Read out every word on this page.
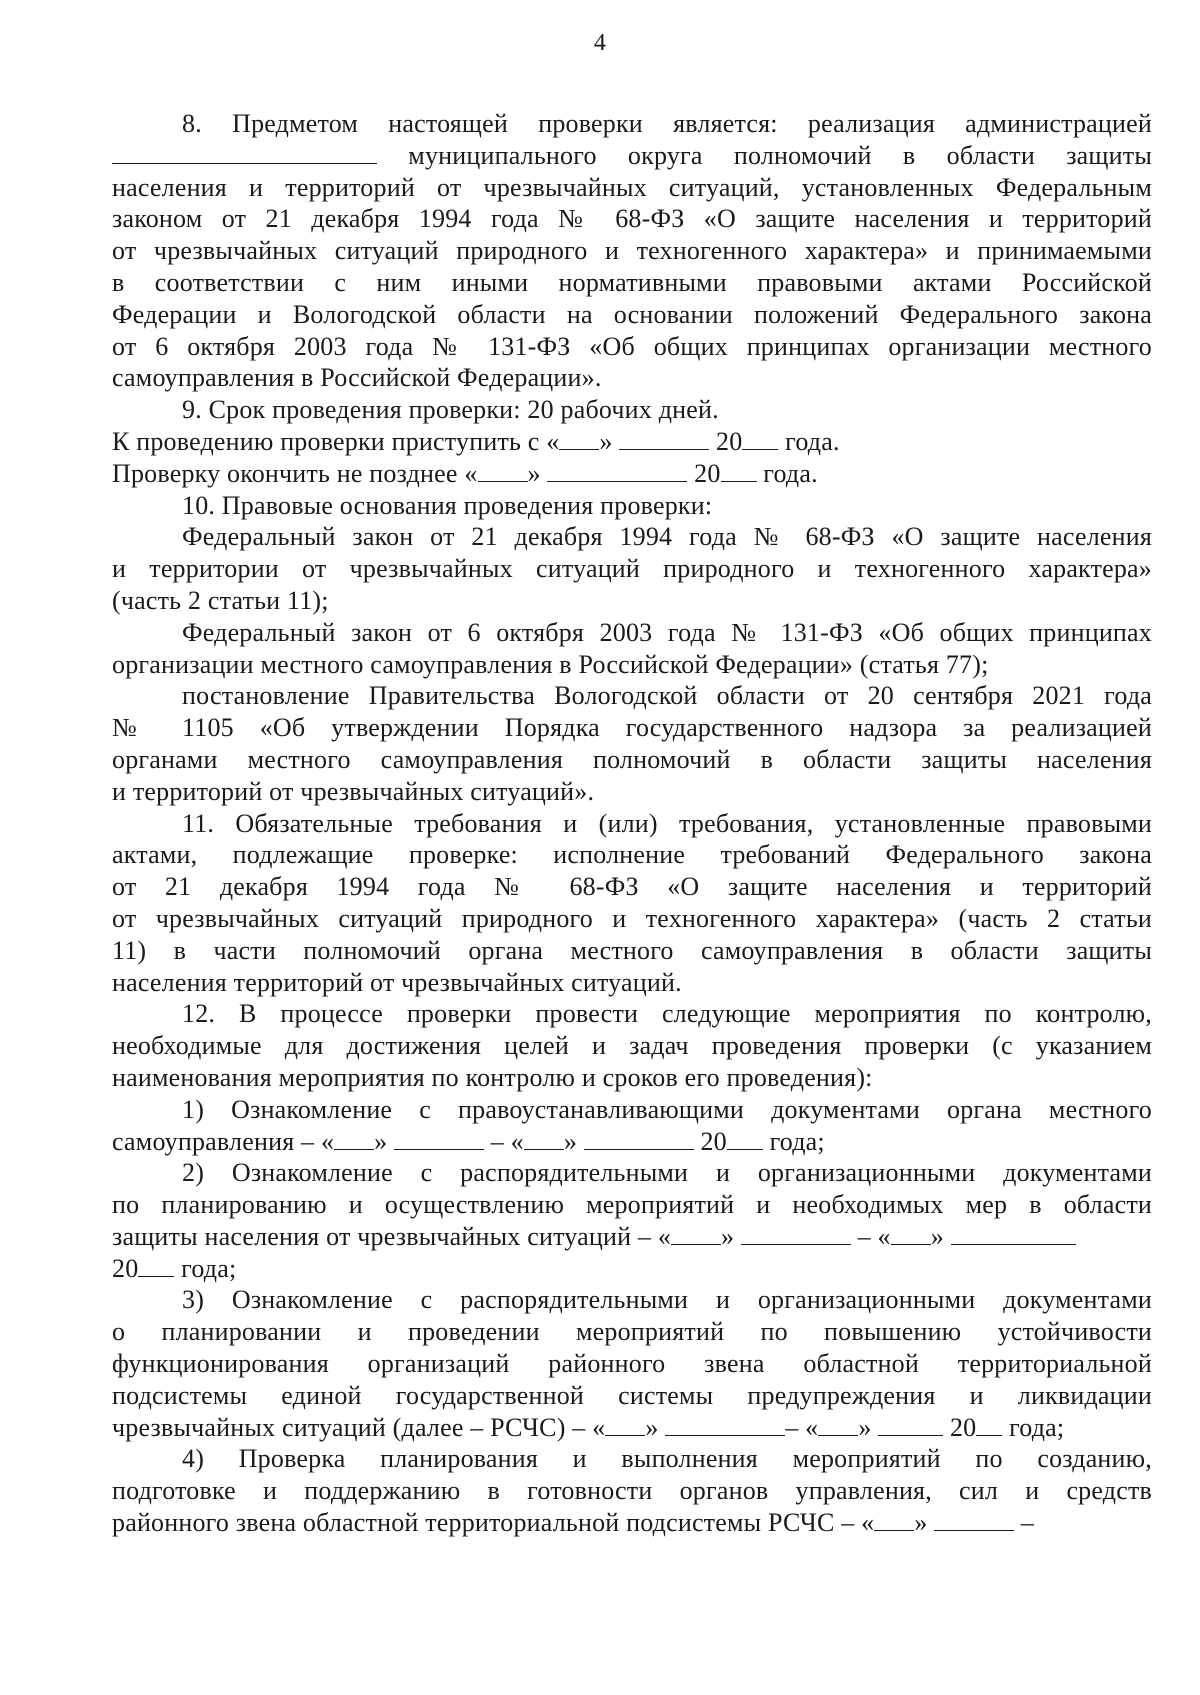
4
8. Предметом настоящей проверки является: реализация администрацией
муниципального округа полномочий в области защиты
населения и территорий от чрезвычайных ситуаций, установленных Федеральным
законом от 21 декабря 1994 года № 68-ФЗ «О защите населения и территорий
от чрезвычайных ситуаций природного и техногенного характера» и принимаемыми
в соответствии с ним иными нормативными правовыми актами Российской
Федерации и Вологодской области на основании положений Федерального закона
от 6 октября 2003 года № 131-ФЗ «Об общих принципах организации местного
самоуправления в Российской Федерации».
9. Срок проведения проверки: 20 рабочих дней.
К проведению проверки приступить с « »	20 года.
Проверку окончить не позднее « »	20 года.
10. Правовые основания проведения проверки:
Федеральный закон от 21 декабря 1994 года № 68-ФЗ «О защите населения
и территории от чрезвычайных ситуаций природного и техногенного характера»
(часть 2 статьи 11);
Федеральный закон от 6 октября 2003 года № 131-ФЗ «Об общих принципах
организации местного самоуправления в Российской Федерации» (статья 77);
постановление Правительства Вологодской области от 20 сентября 2021 года
№ 1105 «Об утверждении Порядка государственного надзора за реализацией
органами местного самоуправления полномочий в области защиты населения
и территорий от чрезвычайных ситуаций».
11. Обязательные требования и (или) требования, установленные правовыми
актами, подлежащие проверке: исполнение требований Федерального закона
от 21 декабря 1994 года № 68-ФЗ «О защите населения и территорий
от чрезвычайных ситуаций природного и техногенного характера» (часть 2 статьи
11) в части полномочий органа местного самоуправления в области защиты
населения территорий от чрезвычайных ситуаций.
12. В процессе проверки провести следующие мероприятия по контролю,
необходимые для достижения целей и задач проведения проверки (с указанием
наименования мероприятия по контролю и сроков его проведения):
1) Ознакомление с правоустанавливающими документами органа местного
самоуправления – « »	– « »	20 года;
2) Ознакомление с распорядительными и организационными документами
по планированию и осуществлению мероприятий и необходимых мер в области
защиты населения от чрезвычайных ситуаций – « »	– « »
20 года;
3) Ознакомление с распорядительными и организационными документами
о планировании и проведении мероприятий по повышению устойчивости
функционирования организаций районного звена областной территориальной
подсистемы единой государственной системы предупреждения и ликвидации
чрезвычайных ситуаций (далее – РСЧС) – « »	– « »	20 года;
4) Проверка планирования и выполнения мероприятий по созданию,
подготовке и поддержанию в готовности органов управления, сил и средств
районного звена областной территориальной подсистемы РСЧС – « »	–
